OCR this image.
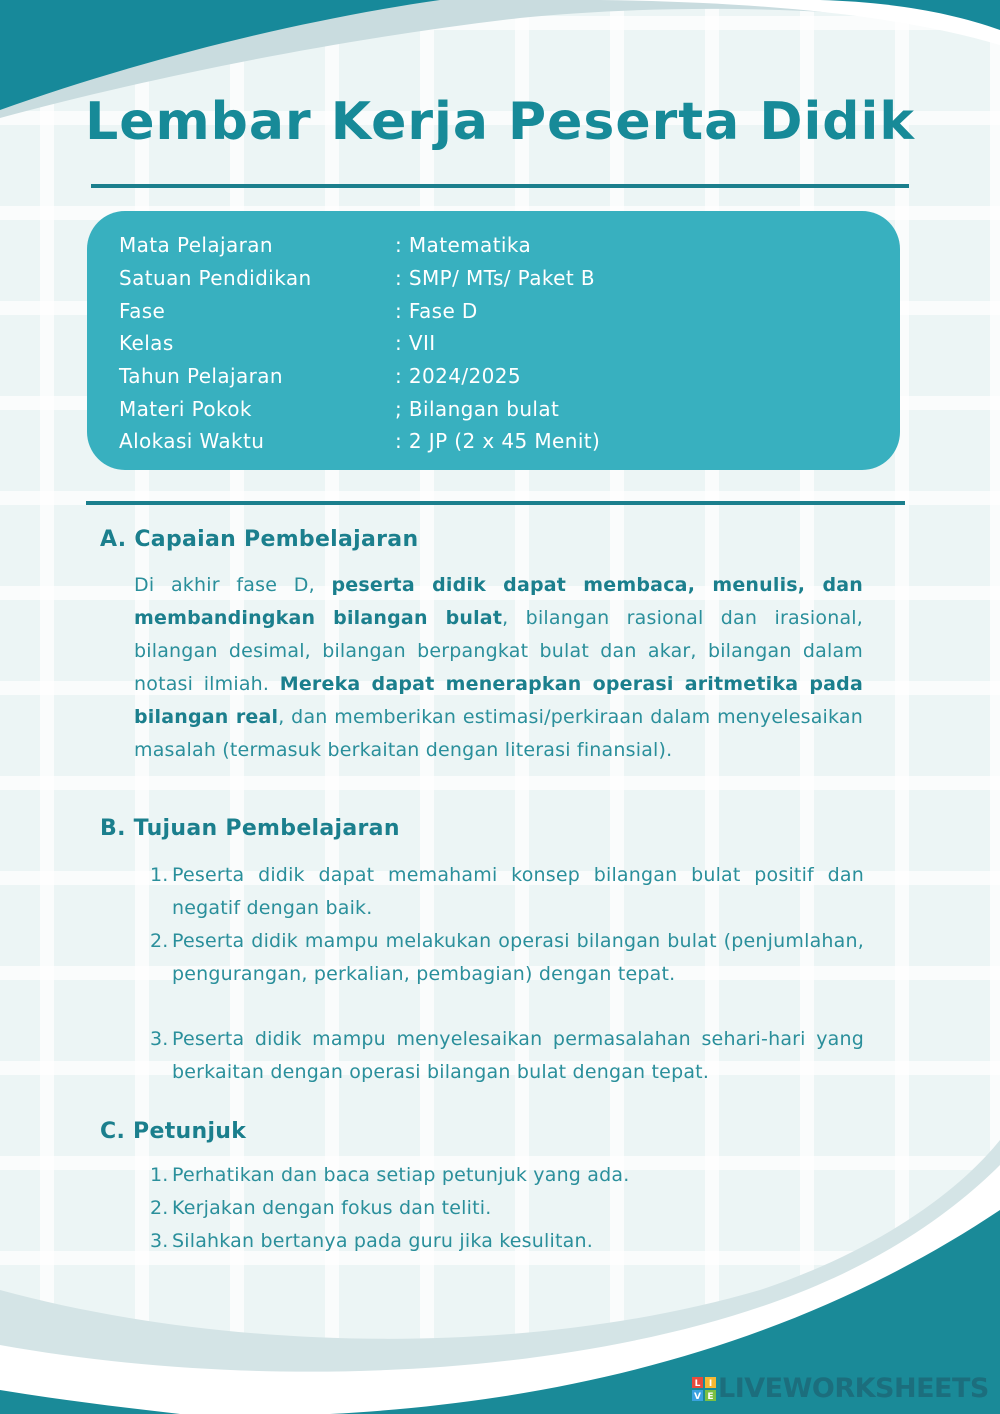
Lembar Kerja Peserta Didik
Mata Pelajaran	: Matematika
Satuan Pendidikan	: SMP/ MTs/ Paket B
Fase	: Fase D
Kelas	: VII
Tahun Pelajaran	: 2024/2025
Materi Pokok	; Bilangan bulat
Alokasi Waktu	: 2 JP (2 x 45 Menit)
A. Capaian Pembelajaran
Di akhir fase D, peserta didik dapat membaca, menulis, dan membandingkan bilangan bulat, bilangan rasional dan irasional, bilangan desimal, bilangan berpangkat bulat dan akar, bilangan dalam notasi ilmiah. Mereka dapat menerapkan operasi aritmetika pada bilangan real, dan memberikan estimasi/perkiraan dalam menyelesaikan masalah (termasuk berkaitan dengan literasi finansial).
B. Tujuan Pembelajaran
1. Peserta didik dapat memahami konsep bilangan bulat positif dan negatif dengan baik.
2. Peserta didik mampu melakukan operasi bilangan bulat (penjumlahan, pengurangan, perkalian, pembagian) dengan tepat.
3. Peserta didik mampu menyelesaikan permasalahan sehari-hari yang berkaitan dengan operasi bilangan bulat dengan tepat.
C. Petunjuk
1. Perhatikan dan baca setiap petunjuk yang ada.
2. Kerjakan dengan fokus dan teliti.
3. Silahkan bertanya pada guru jika kesulitan.
L I
V E LIVEWORKSHEETS
